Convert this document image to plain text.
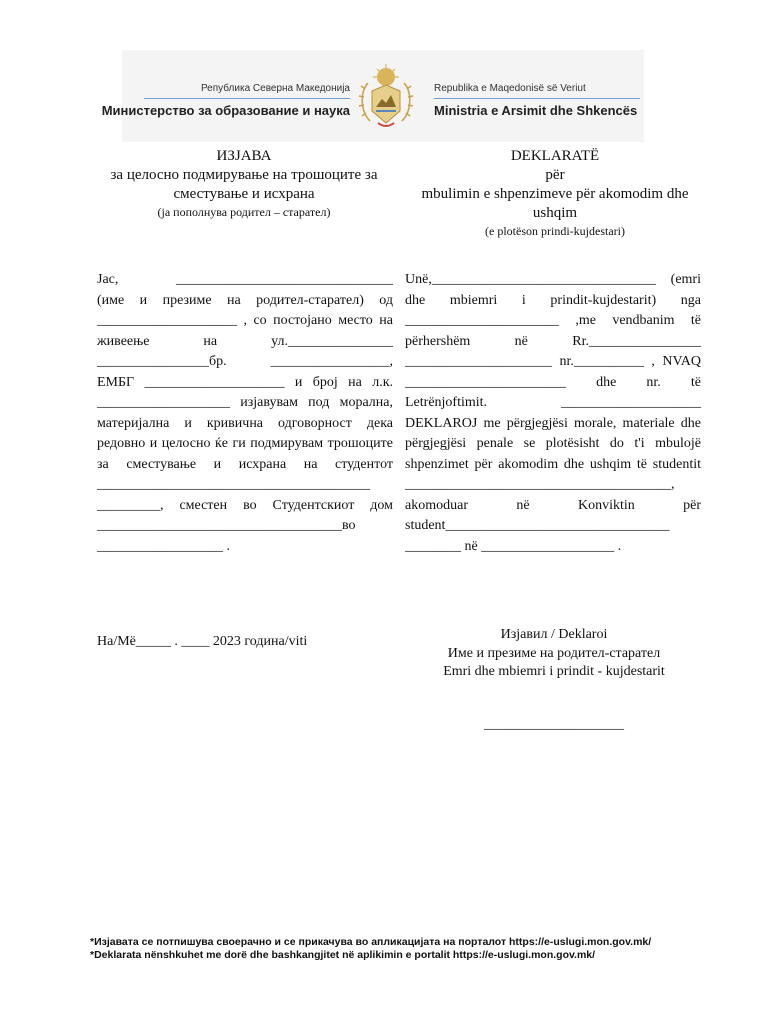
Република Северна Македонија
Министерство за образование и наука
Republika e Maqedonisë së Veriut
Ministria e Arsimit dhe Shkencës
ИЗЈАВА
за целосно подмирување на трошоците за
сместување и исхрана
(ја пополнува родител – старател)
DEKLARATË
për
mbulimin e shpenzimeve për akomodim dhe
ushqim
(e plotëson prindi-kujdestari)

Јас,       _______________________________  (име и презиме на родител-старател) од ____________________ , со постојано место на живеење на ул._______________ ________________бр. _________________, ЕМБГ ____________________ и број на л.к. ___________________ изјавувам под морална, материјална и кривична одговорност дека редовно и целосно ќе ги подмирувам трошоците за сместување и исхрана на студентот _______________________________________ _________, сместен во Студентскиот дом ___________________________________во __________________ .

Unë,________________________________ (emri dhe mbiemri i prindit-kujdestarit) nga ______________________ ,me vendbanim të përhershëm në Rr.________________ _____________________ nr.__________ , NVAQ _______________________ dhe nr. të Letrënjoftimit. ____________________ DEKLAROJ me përgjegjësi morale, materiale dhe përgjegjësi penale se plotësisht do t'i mbulojë shpenzimet për akomodim dhe ushqim të studentit ______________________________________, akomoduar në Konviktin për student________________________________ ________ në ___________________ .

На/Më_____ . ____ 2023 година/viti	Изјавил / Deklaroi
Име и презиме на родител-старател
Emri dhe mbiemri i prindit - kujdestarit
____________________
*Изјавата се потпишува своерачно и се прикачува во апликацијата на порталот https://e-uslugi.mon.gov.mk/
*Deklarata nënshkuhet me dorë dhe bashkangjitet në aplikimin e portalit https://e-uslugi.mon.gov.mk/
